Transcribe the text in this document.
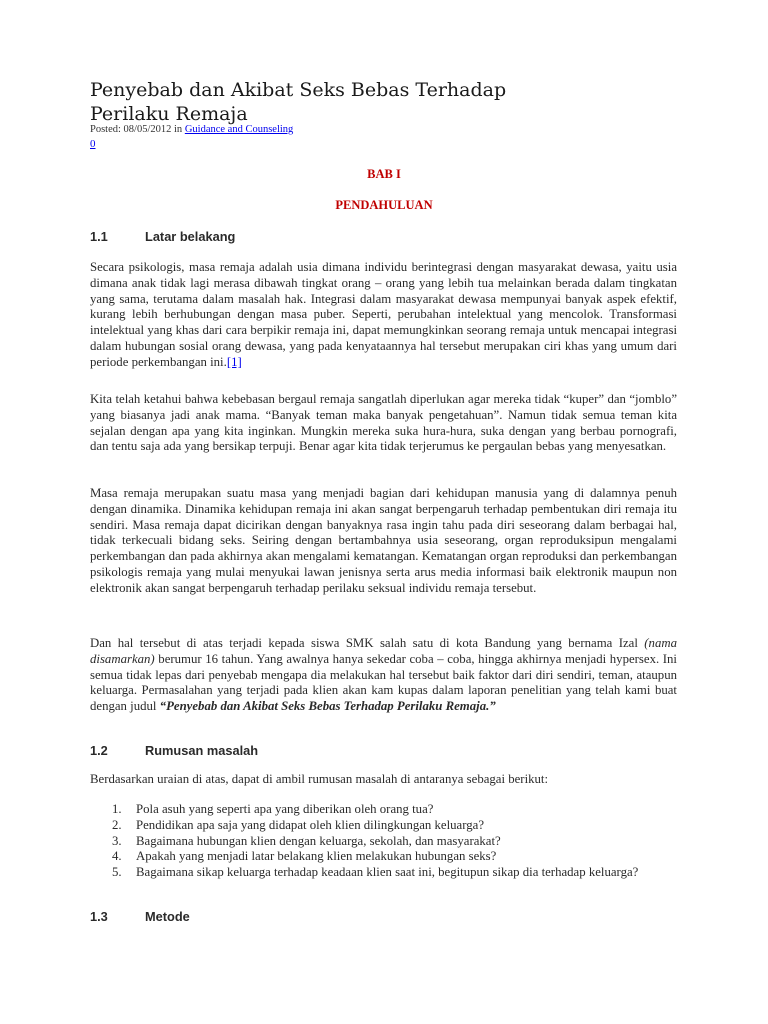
Penyebab dan Akibat Seks Bebas Terhadap
Perilaku Remaja
Posted: 08/05/2012 in Guidance and Counseling
0
BAB I
PENDAHULUAN
1.1	Latar belakang

Secara psikologis, masa remaja adalah usia dimana individu berintegrasi dengan masyarakat dewasa, yaitu usia dimana anak tidak lagi merasa dibawah tingkat orang – orang yang lebih tua melainkan berada dalam tingkatan yang sama, terutama dalam masalah hak. Integrasi dalam masyarakat dewasa mempunyai banyak aspek efektif, kurang lebih berhubungan dengan masa puber. Seperti, perubahan intelektual yang mencolok. Transformasi intelektual yang khas dari cara berpikir remaja ini, dapat memungkinkan seorang remaja untuk mencapai integrasi dalam hubungan sosial orang dewasa, yang pada kenyataannya hal tersebut merupakan ciri khas yang umum dari periode perkembangan ini.[1]

Kita telah ketahui bahwa kebebasan bergaul remaja sangatlah diperlukan agar mereka tidak “kuper” dan “jomblo” yang biasanya jadi anak mama. “Banyak teman maka banyak pengetahuan”. Namun tidak semua teman kita sejalan dengan apa yang kita inginkan. Mungkin mereka suka hura-hura, suka dengan yang berbau pornografi, dan tentu saja ada yang bersikap terpuji. Benar agar kita tidak terjerumus ke pergaulan bebas yang menyesatkan.

Masa remaja merupakan suatu masa yang menjadi bagian dari kehidupan manusia yang di dalamnya penuh dengan dinamika. Dinamika kehidupan remaja ini akan sangat berpengaruh terhadap pembentukan diri remaja itu sendiri. Masa remaja dapat dicirikan dengan banyaknya rasa ingin tahu pada diri seseorang dalam berbagai hal, tidak terkecuali bidang seks. Seiring dengan bertambahnya usia seseorang, organ reproduksipun mengalami perkembangan dan pada akhirnya akan mengalami kematangan. Kematangan organ reproduksi dan perkembangan psikologis remaja yang mulai menyukai lawan jenisnya serta arus media informasi baik elektronik maupun non elektronik akan sangat berpengaruh terhadap perilaku seksual individu remaja tersebut.

Dan hal tersebut di atas terjadi kepada siswa SMK salah satu di kota Bandung yang bernama Izal (nama disamarkan) berumur 16 tahun. Yang awalnya hanya sekedar coba – coba, hingga akhirnya menjadi hypersex. Ini semua tidak lepas dari penyebab mengapa dia melakukan hal tersebut baik faktor dari diri sendiri, teman, ataupun keluarga. Permasalahan yang terjadi pada klien akan kam kupas dalam laporan penelitian yang telah kami buat dengan judul “Penyebab dan Akibat Seks Bebas Terhadap Perilaku Remaja.”

1.2	Rumusan masalah

Berdasarkan uraian di atas, dapat di ambil rumusan masalah di antaranya sebagai berikut:

1. Pola asuh yang seperti apa yang diberikan oleh orang tua?
2. Pendidikan apa saja yang didapat oleh klien dilingkungan keluarga?
3. Bagaimana hubungan klien dengan keluarga, sekolah, dan masyarakat?
4. Apakah yang menjadi latar belakang klien melakukan hubungan seks?
5. Bagaimana sikap keluarga terhadap keadaan klien saat ini, begitupun sikap dia terhadap keluarga?
1.3	Metode
